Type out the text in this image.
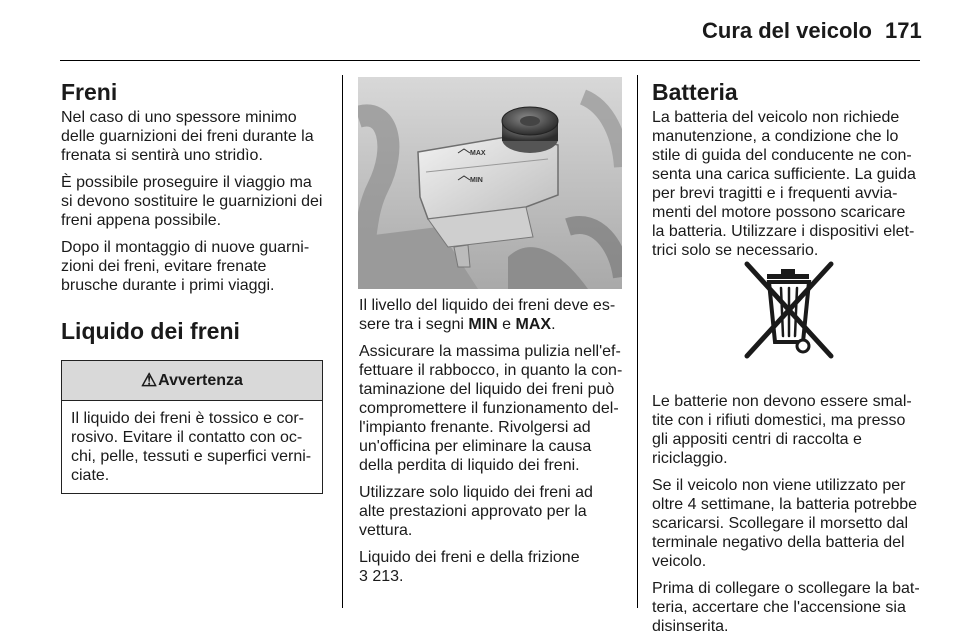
Cura del veicolo 171
Freni

Nel caso di uno spessore minimo delle guarnizioni dei freni durante la frenata si sentirà uno stridìo.

È possibile proseguire il viaggio ma si devono sostituire le guarnizioni dei freni appena possibile.

Dopo il montaggio di nuove guarnizioni dei freni, evitare frenate brusche durante i primi viaggi.

Liquido dei freni
⚠ Avvertenza
Il liquido dei freni è tossico e corrosivo. Evitare il contatto con occhi, pelle, tessuti e superfici verniciate.
MAX
MIN

Il livello del liquido dei freni deve essere tra i segni MIN e MAX.

Assicurare la massima pulizia nell'effettuare il rabbocco, in quanto la contaminazione del liquido dei freni può compromettere il funzionamento dell'impianto frenante. Rivolgersi ad un'officina per eliminare la causa della perdita di liquido dei freni.

Utilizzare solo liquido dei freni ad alte prestazioni approvato per la vettura.

Liquido dei freni e della frizione
3 213.

Batteria

La batteria del veicolo non richiede manutenzione, a condizione che lo stile di guida del conducente ne consenta una carica sufficiente. La guida per brevi tragitti e i frequenti avviamenti del motore possono scaricare la batteria. Utilizzare i dispositivi elettrici solo se necessario.

Le batterie non devono essere smaltite con i rifiuti domestici, ma presso gli appositi centri di raccolta e riciclaggio.

Se il veicolo non viene utilizzato per oltre 4 settimane, la batteria potrebbe scaricarsi. Scollegare il morsetto dal terminale negativo della batteria del veicolo.

Prima di collegare o scollegare la batteria, accertare che l'accensione sia disinserita.
